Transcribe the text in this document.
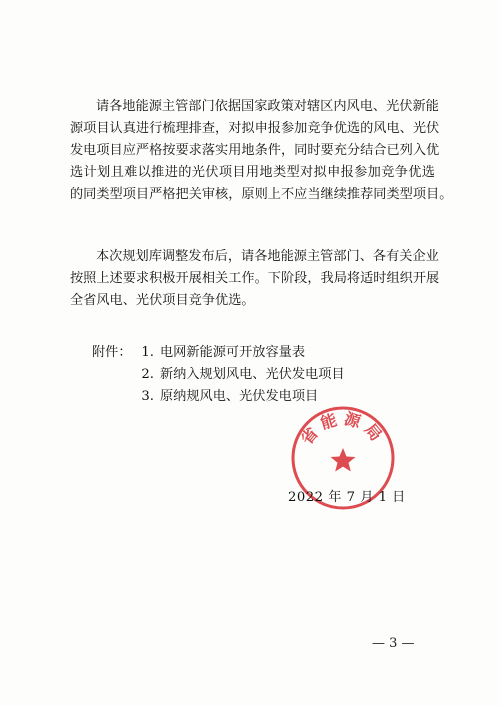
请各地能源主管部门依据国家政策对辖区内风电、光伏新能
源项目认真进行梳理排查，对拟申报参加竞争优选的风电、光伏
发电项目应严格按要求落实用地条件，同时要充分结合已列入优
选计划且难以推进的光伏项目用地类型对拟申报参加竞争优选
的同类型项目严格把关审核，原则上不应当继续推荐同类型项目。
本次规划库调整发布后，请各地能源主管部门、各有关企业
按照上述要求积极开展相关工作。下阶段，我局将适时组织开展
全省风电、光伏项目竞争优选。
附件： 1. 电网新能源可开放容量表
2. 新纳入规划风电、光伏发电项目
3. 原纳规风电、光伏发电项目
省能源局
2022 年 7 月 1 日
— 3 —
